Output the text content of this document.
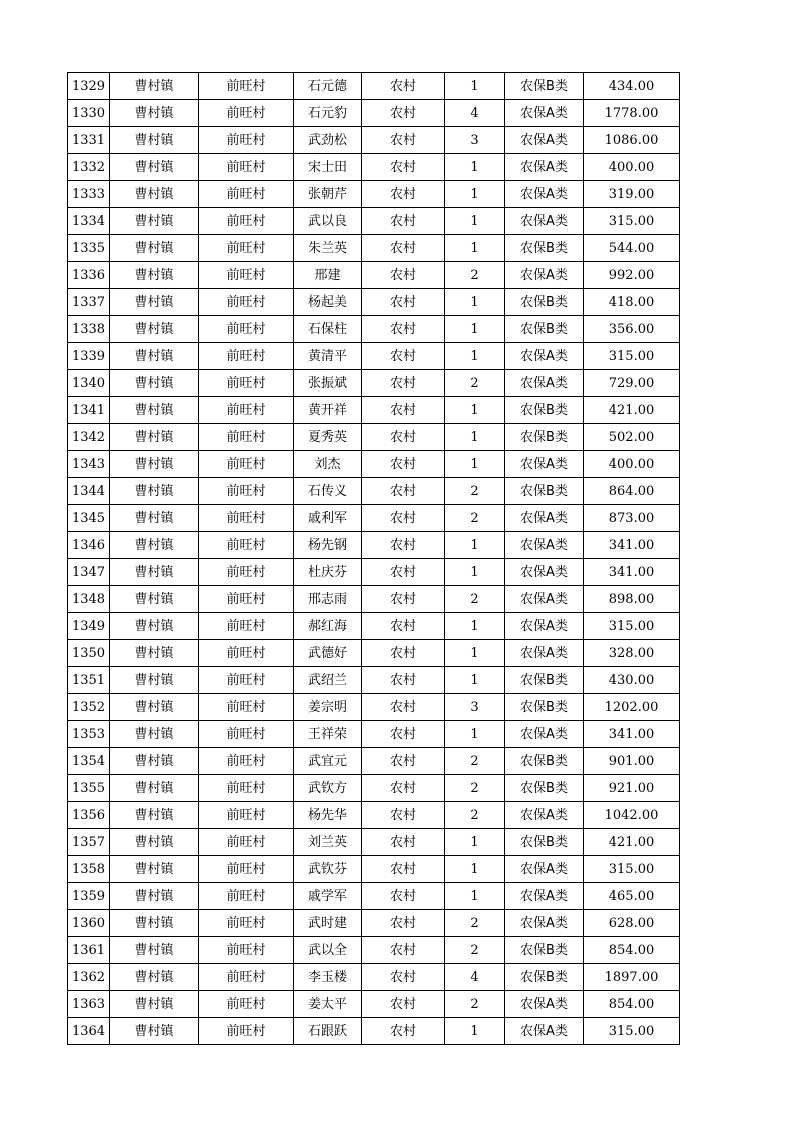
1329	曹村镇	前旺村	石元德	农村	1	农保B类	434.00
1330	曹村镇	前旺村	石元豹	农村	4	农保A类	1778.00
1331	曹村镇	前旺村	武劲松	农村	3	农保A类	1086.00
1332	曹村镇	前旺村	宋士田	农村	1	农保A类	400.00
1333	曹村镇	前旺村	张朝芹	农村	1	农保A类	319.00
1334	曹村镇	前旺村	武以良	农村	1	农保A类	315.00
1335	曹村镇	前旺村	朱兰英	农村	1	农保B类	544.00
1336	曹村镇	前旺村	邢建	农村	2	农保A类	992.00
1337	曹村镇	前旺村	杨起美	农村	1	农保B类	418.00
1338	曹村镇	前旺村	石保柱	农村	1	农保B类	356.00
1339	曹村镇	前旺村	黄清平	农村	1	农保A类	315.00
1340	曹村镇	前旺村	张振斌	农村	2	农保A类	729.00
1341	曹村镇	前旺村	黄开祥	农村	1	农保B类	421.00
1342	曹村镇	前旺村	夏秀英	农村	1	农保B类	502.00
1343	曹村镇	前旺村	刘杰	农村	1	农保A类	400.00
1344	曹村镇	前旺村	石传义	农村	2	农保B类	864.00
1345	曹村镇	前旺村	戚利军	农村	2	农保A类	873.00
1346	曹村镇	前旺村	杨先钢	农村	1	农保A类	341.00
1347	曹村镇	前旺村	杜庆芬	农村	1	农保A类	341.00
1348	曹村镇	前旺村	邢志雨	农村	2	农保A类	898.00
1349	曹村镇	前旺村	郝红海	农村	1	农保A类	315.00
1350	曹村镇	前旺村	武德好	农村	1	农保A类	328.00
1351	曹村镇	前旺村	武绍兰	农村	1	农保B类	430.00
1352	曹村镇	前旺村	姜宗明	农村	3	农保B类	1202.00
1353	曹村镇	前旺村	王祥荣	农村	1	农保A类	341.00
1354	曹村镇	前旺村	武宜元	农村	2	农保B类	901.00
1355	曹村镇	前旺村	武钦方	农村	2	农保B类	921.00
1356	曹村镇	前旺村	杨先华	农村	2	农保A类	1042.00
1357	曹村镇	前旺村	刘兰英	农村	1	农保B类	421.00
1358	曹村镇	前旺村	武钦芬	农村	1	农保A类	315.00
1359	曹村镇	前旺村	戚学军	农村	1	农保A类	465.00
1360	曹村镇	前旺村	武时建	农村	2	农保A类	628.00
1361	曹村镇	前旺村	武以全	农村	2	农保B类	854.00
1362	曹村镇	前旺村	李玉楼	农村	4	农保B类	1897.00
1363	曹村镇	前旺村	姜太平	农村	2	农保A类	854.00
1364	曹村镇	前旺村	石跟跃	农村	1	农保A类	315.00
